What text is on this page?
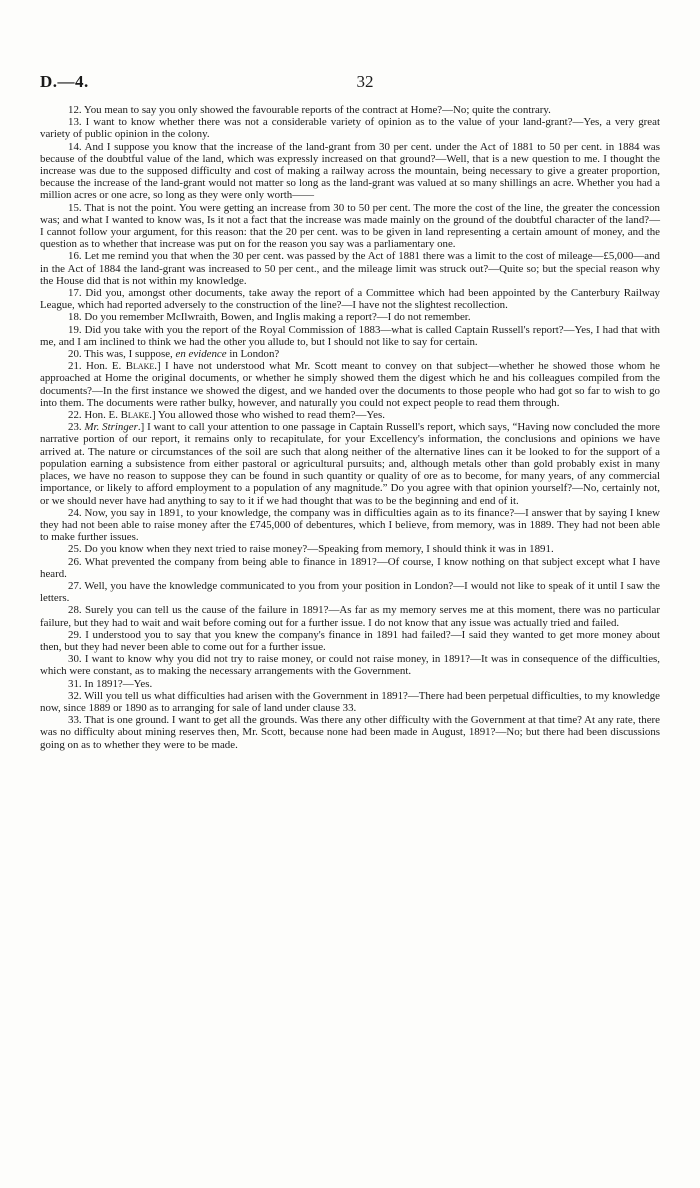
D.—4.	32

12. You mean to say you only showed the favourable reports of the contract at Home?—No; quite the contrary.

13. I want to know whether there was not a considerable variety of opinion as to the value of your land-grant?—Yes, a very great variety of public opinion in the colony.

14. And I suppose you know that the increase of the land-grant from 30 per cent. under the Act of 1881 to 50 per cent. in 1884 was because of the doubtful value of the land, which was expressly increased on that ground?—Well, that is a new question to me. I thought the increase was due to the supposed difficulty and cost of making a railway across the mountain, being necessary to give a greater proportion, because the increase of the land-grant would not matter so long as the land-grant was valued at so many shillings an acre. Whether you had a million acres or one acre, so long as they were only worth——

15. That is not the point. You were getting an increase from 30 to 50 per cent. The more the cost of the line, the greater the concession was; and what I wanted to know was, Is it not a fact that the increase was made mainly on the ground of the doubtful character of the land?—I cannot follow your argument, for this reason: that the 20 per cent. was to be given in land representing a certain amount of money, and the question as to whether that increase was put on for the reason you say was a parliamentary one.

16. Let me remind you that when the 30 per cent. was passed by the Act of 1881 there was a limit to the cost of mileage—£5,000—and in the Act of 1884 the land-grant was increased to 50 per cent., and the mileage limit was struck out?—Quite so; but the special reason why the House did that is not within my knowledge.

17. Did you, amongst other documents, take away the report of a Committee which had been appointed by the Canterbury Railway League, which had reported adversely to the construction of the line?—I have not the slightest recollection.

18. Do you remember McIlwraith, Bowen, and Inglis making a report?—I do not remember.

19. Did you take with you the report of the Royal Commission of 1883—what is called Captain Russell's report?—Yes, I had that with me, and I am inclined to think we had the other you allude to, but I should not like to say for certain.

20. This was, I suppose, en evidence in London?

21. Hon. E. Blake.] I have not understood what Mr. Scott meant to convey on that subject—whether he showed those whom he approached at Home the original documents, or whether he simply showed them the digest which he and his colleagues compiled from the documents?—In the first instance we showed the digest, and we handed over the documents to those people who had got so far to wish to go into them. The documents were rather bulky, however, and naturally you could not expect people to read them through.

22. Hon. E. Blake.] You allowed those who wished to read them?—Yes.

23. Mr. Stringer.] I want to call your attention to one passage in Captain Russell's report, which says, “Having now concluded the more narrative portion of our report, it remains only to recapitulate, for your Excellency's information, the conclusions and opinions we have arrived at. The nature or circumstances of the soil are such that along neither of the alternative lines can it be looked to for the support of a population earning a subsistence from either pastoral or agricultural pursuits; and, although metals other than gold probably exist in many places, we have no reason to suppose they can be found in such quantity or quality of ore as to become, for many years, of any commercial importance, or likely to afford employment to a population of any magnitude.” Do you agree with that opinion yourself?—No, certainly not, or we should never have had anything to say to it if we had thought that was to be the beginning and end of it.

24. Now, you say in 1891, to your knowledge, the company was in difficulties again as to its finance?—I answer that by saying I knew they had not been able to raise money after the £745,000 of debentures, which I believe, from memory, was in 1889. They had not been able to make further issues.

25. Do you know when they next tried to raise money?—Speaking from memory, I should think it was in 1891.

26. What prevented the company from being able to finance in 1891?—Of course, I know nothing on that subject except what I have heard.

27. Well, you have the knowledge communicated to you from your position in London?—I would not like to speak of it until I saw the letters.

28. Surely you can tell us the cause of the failure in 1891?—As far as my memory serves me at this moment, there was no particular failure, but they had to wait and wait before coming out for a further issue. I do not know that any issue was actually tried and failed.

29. I understood you to say that you knew the company's finance in 1891 had failed?—I said they wanted to get more money about then, but they had never been able to come out for a further issue.

30. I want to know why you did not try to raise money, or could not raise money, in 1891?—It was in consequence of the difficulties, which were constant, as to making the necessary arrangements with the Government.

31. In 1891?—Yes.

32. Will you tell us what difficulties had arisen with the Government in 1891?—There had been perpetual difficulties, to my knowledge now, since 1889 or 1890 as to arranging for sale of land under clause 33.

33. That is one ground. I want to get all the grounds. Was there any other difficulty with the Government at that time? At any rate, there was no difficulty about mining reserves then, Mr. Scott, because none had been made in August, 1891?—No; but there had been discussions going on as to whether they were to be made.
